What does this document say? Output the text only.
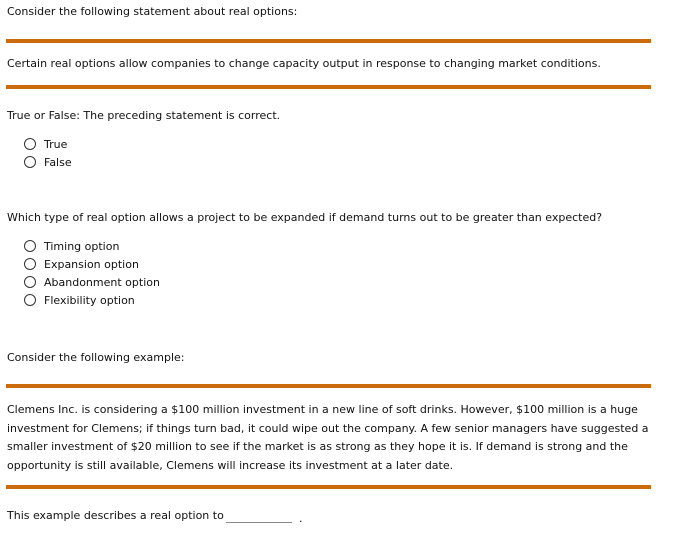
Consider the following statement about real options:
Certain real options allow companies to change capacity output in response to changing market conditions.
True or False: The preceding statement is correct.
True
False
Which type of real option allows a project to be expanded if demand turns out to be greater than expected?
Timing option
Expansion option
Abandonment option
Flexibility option
Consider the following example:
Clemens Inc. is considering a $100 million investment in a new line of soft drinks. However, $100 million is a huge investment for Clemens; if things turn bad, it could wipe out the company. A few senior managers have suggested a smaller investment of $20 million to see if the market is as strong as they hope it is. If demand is strong and the opportunity is still available, Clemens will increase its investment at a later date.
This example describes a real option to	.
